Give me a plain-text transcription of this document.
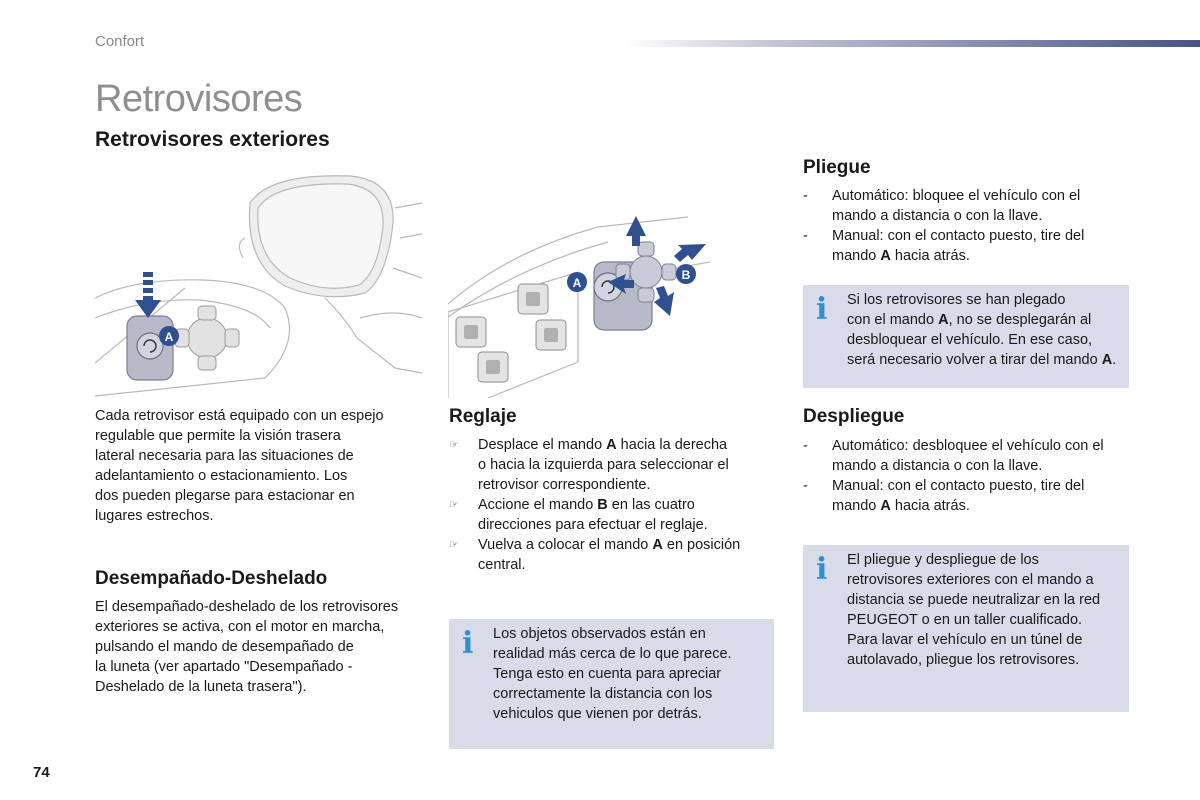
Confort
Retrovisores
Retrovisores exteriores
A
Cada retrovisor está equipado con un espejo
regulable que permite la visión trasera
lateral necesaria para las situaciones de
adelantamiento o estacionamiento. Los
dos pueden plegarse para estacionar en
lugares estrechos.
Desempañado-Deshelado
El desempañado-deshelado de los retrovisores
exteriores se activa, con el motor en marcha,
pulsando el mando de desempañado de
la luneta (ver apartado "Desempañado -
Deshelado de la luneta trasera").
A
B
Reglaje
☞ Desplace el mando A hacia la derecha
o hacia la izquierda para seleccionar el
retrovisor correspondiente.
☞ Accione el mando B en las cuatro
direcciones para efectuar el reglaje.
☞ Vuelva a colocar el mando A en posición
central.
i Los objetos observados están en
realidad más cerca de lo que parece.
Tenga esto en cuenta para apreciar
correctamente la distancia con los
vehiculos que vienen por detrás.
Pliegue
- Automático: bloquee el vehículo con el
mando a distancia o con la llave.
- Manual: con el contacto puesto, tire del
mando A hacia atrás.
i Si los retrovisores se han plegado
con el mando A, no se desplegarán al
desbloquear el vehículo. En ese caso,
será necesario volver a tirar del mando A.
Despliegue
- Automático: desbloquee el vehículo con el
mando a distancia o con la llave.
- Manual: con el contacto puesto, tire del
mando A hacia atrás.
i El pliegue y despliegue de los
retrovisores exteriores con el mando a
distancia se puede neutralizar en la red
PEUGEOT o en un taller cualificado.
Para lavar el vehículo en un túnel de
autolavado, pliegue los retrovisores.
74
